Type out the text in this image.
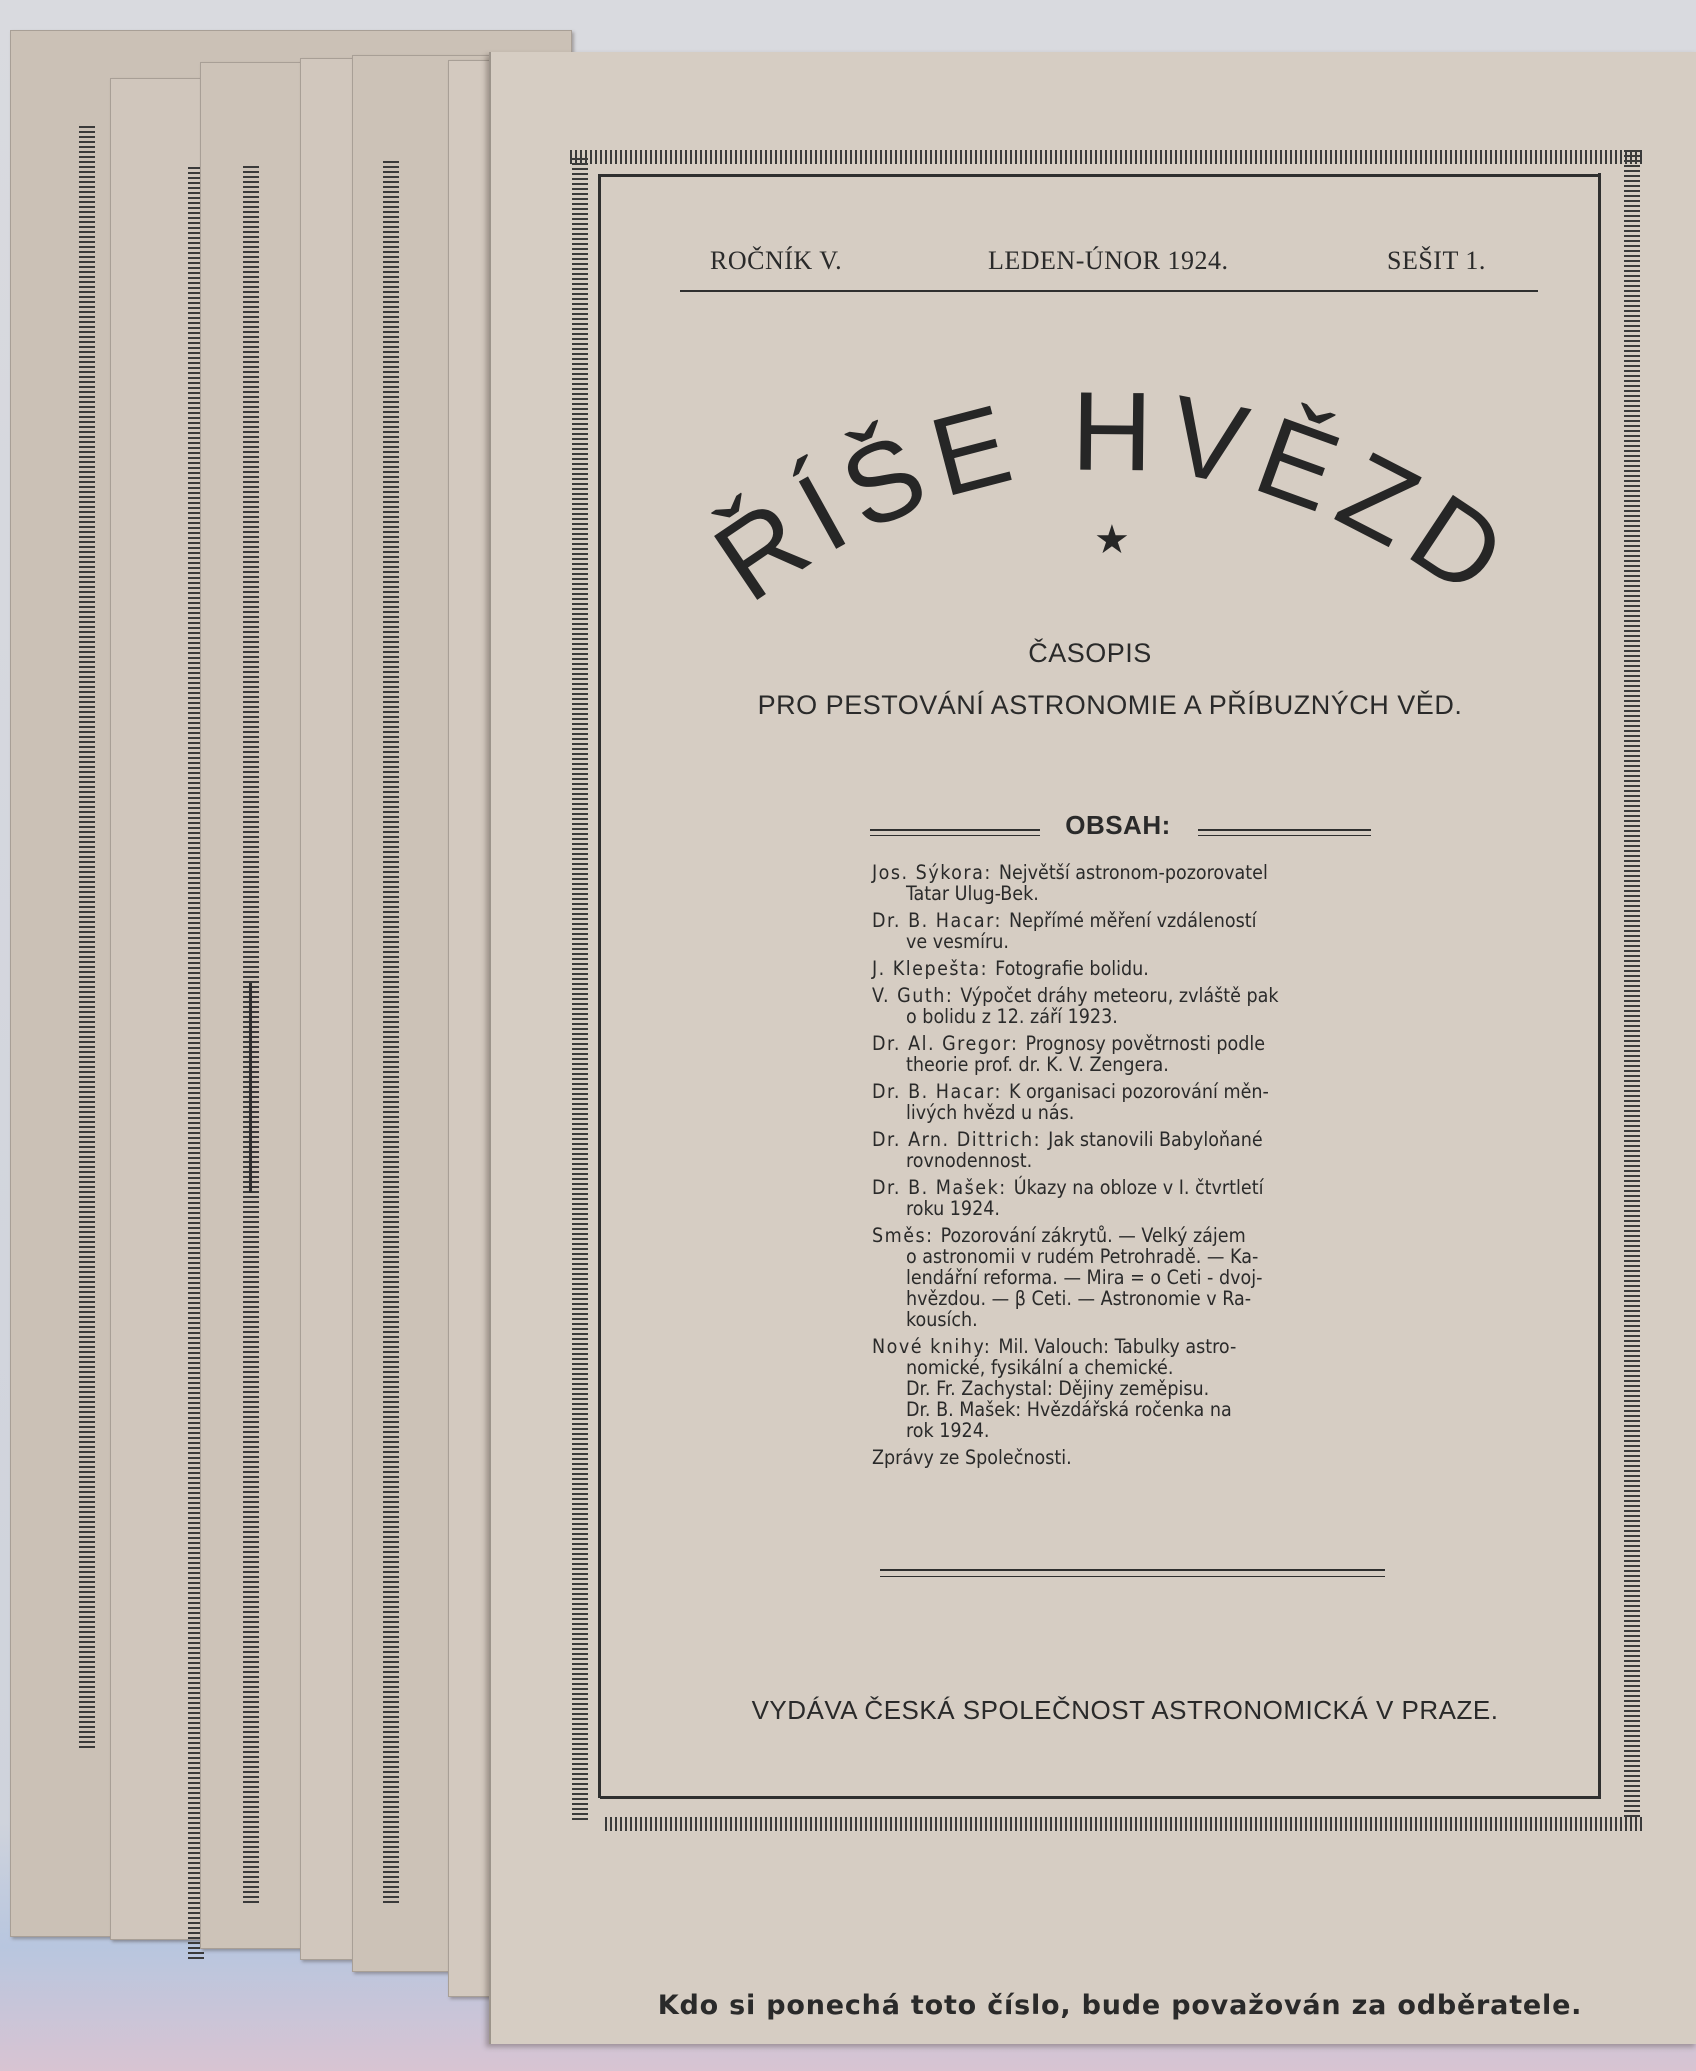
ROČNÍK V.	LEDEN-ÚNOR 1924.	SEŠIT 1.
ŘÍŠE HVĚZD
★
ČASOPIS
PRO PESTOVÁNÍ ASTRONOMIE A PŘÍBUZNÝCH VĚD.
OBSAH:
Jos. Sýkora: Největší astronom-pozorovatel
Tatar Ulug-Bek.
Dr. B. Hacar: Nepřímé měření vzdáleností
ve vesmíru.
J. Klepešta: Fotografie bolidu.
V. Guth: Výpočet dráhy meteoru, zvláště pak
o bolidu z 12. září 1923.
Dr. Al. Gregor: Prognosy povětrnosti podle
theorie prof. dr. K. V. Zengera.
Dr. B. Hacar: K organisaci pozorování měn-
livých hvězd u nás.
Dr. Arn. Dittrich: Jak stanovili Babyloňané
rovnodennost.
Dr. B. Mašek: Úkazy na obloze v I. čtvrtletí
roku 1924.
Směs: Pozorování zákrytů. — Velký zájem
o astronomii v rudém Petrohradě. — Ka-
lendářní reforma. — Mira = o Ceti - dvoj-
hvězdou. — β Ceti. — Astronomie v Ra-
kousích.
Nové knihy: Mil. Valouch: Tabulky astro-
nomické, fysikální a chemické.
Dr. Fr. Zachystal: Dějiny zeměpisu.
Dr. B. Mašek: Hvězdářská ročenka na
rok 1924.
Zprávy ze Společnosti.
VYDÁVA ČESKÁ SPOLEČNOST ASTRONOMICKÁ V PRAZE.
Kdo si ponechá toto číslo, bude považován za odběratele.
